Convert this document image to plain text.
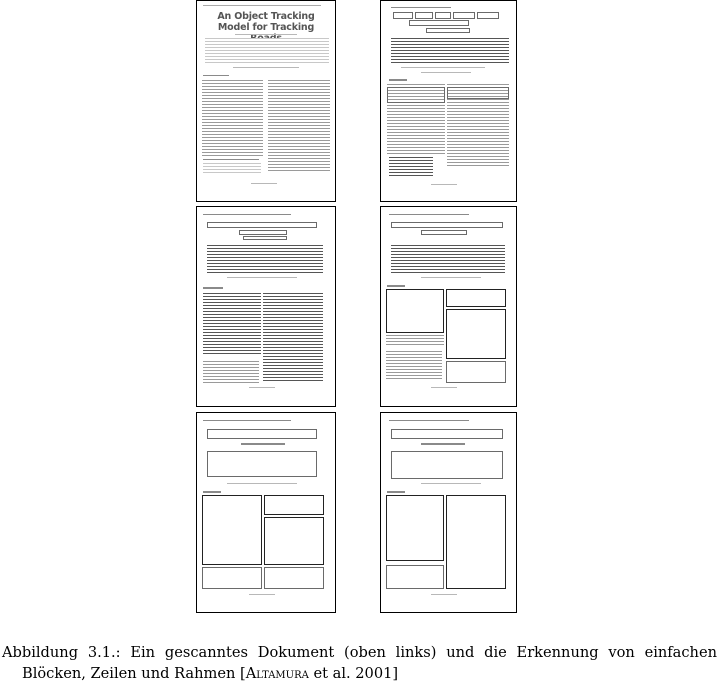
An Object Tracking Model for Tracking

Abbildung 3.1.: Ein gescanntes Dokument (oben links) und die Erkennung von einfachen
Blöcken, Zeilen und Rahmen [Altamura et al. 2001]
